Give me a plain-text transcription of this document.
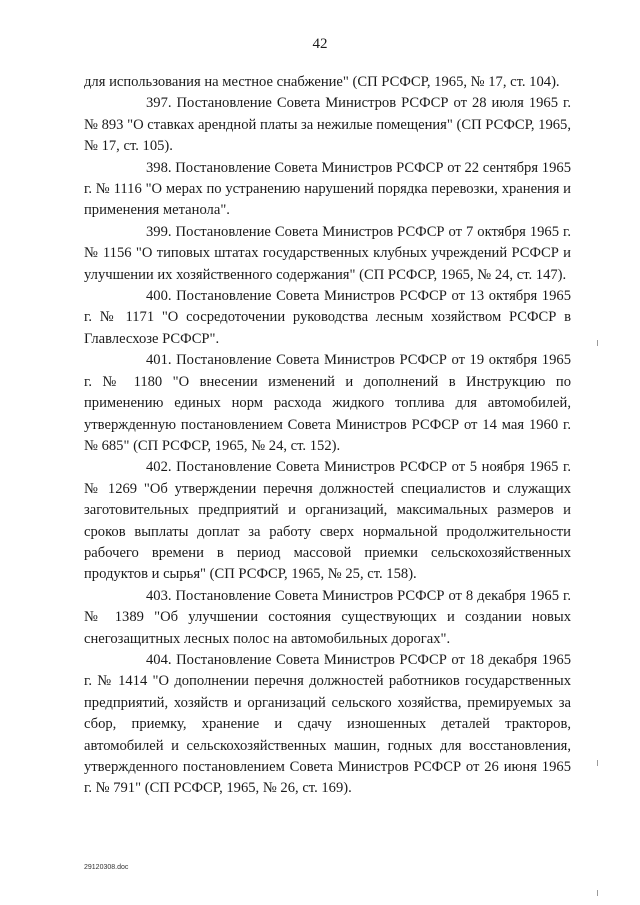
42

для использования на местное снабжение" (СП РСФСР, 1965, № 17, ст. 104).

397. Постановление Совета Министров РСФСР от 28 июля 1965 г. № 893 "О ставках арендной платы за нежилые помещения" (СП РСФСР, 1965, № 17, ст. 105).

398. Постановление Совета Министров РСФСР от 22 сентября 1965 г. № 1116 "О мерах по устранению нарушений порядка перевозки, хранения и применения метанола".

399. Постановление Совета Министров РСФСР от 7 октября 1965 г. № 1156 "О типовых штатах государственных клубных учреждений РСФСР и улучшении их хозяйственного содержания" (СП РСФСР, 1965, № 24, ст. 147).

400. Постановление Совета Министров РСФСР от 13 октября 1965 г. № 1171 "О сосредоточении руководства лесным хозяйством РСФСР в Главлесхозе РСФСР".

401. Постановление Совета Министров РСФСР от 19 октября 1965 г. № 1180 "О внесении изменений и дополнений в Инструкцию по применению единых норм расхода жидкого топлива для автомобилей, утвержденную постановлением Совета Министров РСФСР от 14 мая 1960 г. № 685" (СП РСФСР, 1965, № 24, ст. 152).

402. Постановление Совета Министров РСФСР от 5 ноября 1965 г. № 1269 "Об утверждении перечня должностей специалистов и служащих заготовительных предприятий и организаций, максимальных размеров и сроков выплаты доплат за работу сверх нормальной продолжительности рабочего времени в период массовой приемки сельскохозяйственных продуктов и сырья" (СП РСФСР, 1965, № 25, ст. 158).

403. Постановление Совета Министров РСФСР от 8 декабря 1965 г. № 1389 "Об улучшении состояния существующих и создании новых снегозащитных лесных полос на автомобильных дорогах".

404. Постановление Совета Министров РСФСР от 18 декабря 1965 г. № 1414 "О дополнении перечня должностей работников государственных предприятий, хозяйств и организаций сельского хозяйства, премируемых за сбор, приемку, хранение и сдачу изношенных деталей тракторов, автомобилей и сельскохозяйственных машин, годных для восстановления, утвержденного постановлением Совета Министров РСФСР от 26 июня 1965 г. № 791" (СП РСФСР, 1965, № 26, ст. 169).

29120308.doc
